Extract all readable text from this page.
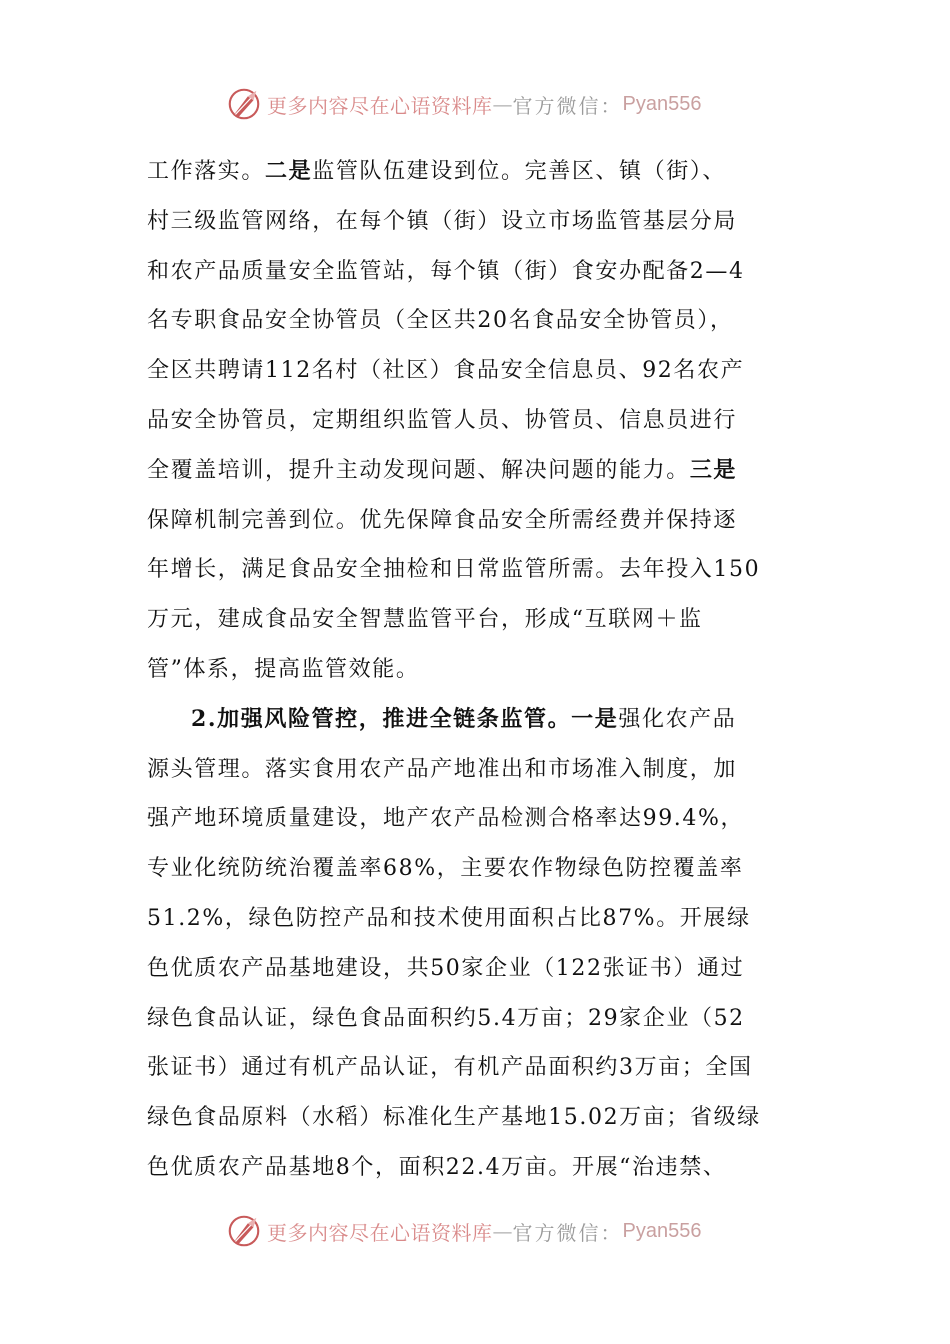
更多内容尽在心语资料库 — 官方微信： Pyan556
工作落实。二是监管队伍建设到位。完善区、镇（街）、
村三级监管网络，在每个镇（街）设立市场监管基层分局
和农产品质量安全监管站，每个镇（街）食安办配备2—4
名专职食品安全协管员（全区共20名食品安全协管员），
全区共聘请112名村（社区）食品安全信息员、92名农产
品安全协管员，定期组织监管人员、协管员、信息员进行
全覆盖培训，提升主动发现问题、解决问题的能力。三是
保障机制完善到位。优先保障食品安全所需经费并保持逐
年增长，满足食品安全抽检和日常监管所需。去年投入150
万元，建成食品安全智慧监管平台，形成“互联网＋监
管”体系，提高监管效能。
2.加强风险管控，推进全链条监管。一是强化农产品
源头管理。落实食用农产品产地准出和市场准入制度，加
强产地环境质量建设，地产农产品检测合格率达99.4%，
专业化统防统治覆盖率68%，主要农作物绿色防控覆盖率
51.2%，绿色防控产品和技术使用面积占比87%。开展绿
色优质农产品基地建设，共50家企业（122张证书）通过
绿色食品认证，绿色食品面积约5.4万亩；29家企业（52
张证书）通过有机产品认证，有机产品面积约3万亩；全国
绿色食品原料（水稻）标准化生产基地15.02万亩；省级绿
色优质农产品基地8个，面积22.4万亩。开展“治违禁、
更多内容尽在心语资料库 — 官方微信： Pyan556
